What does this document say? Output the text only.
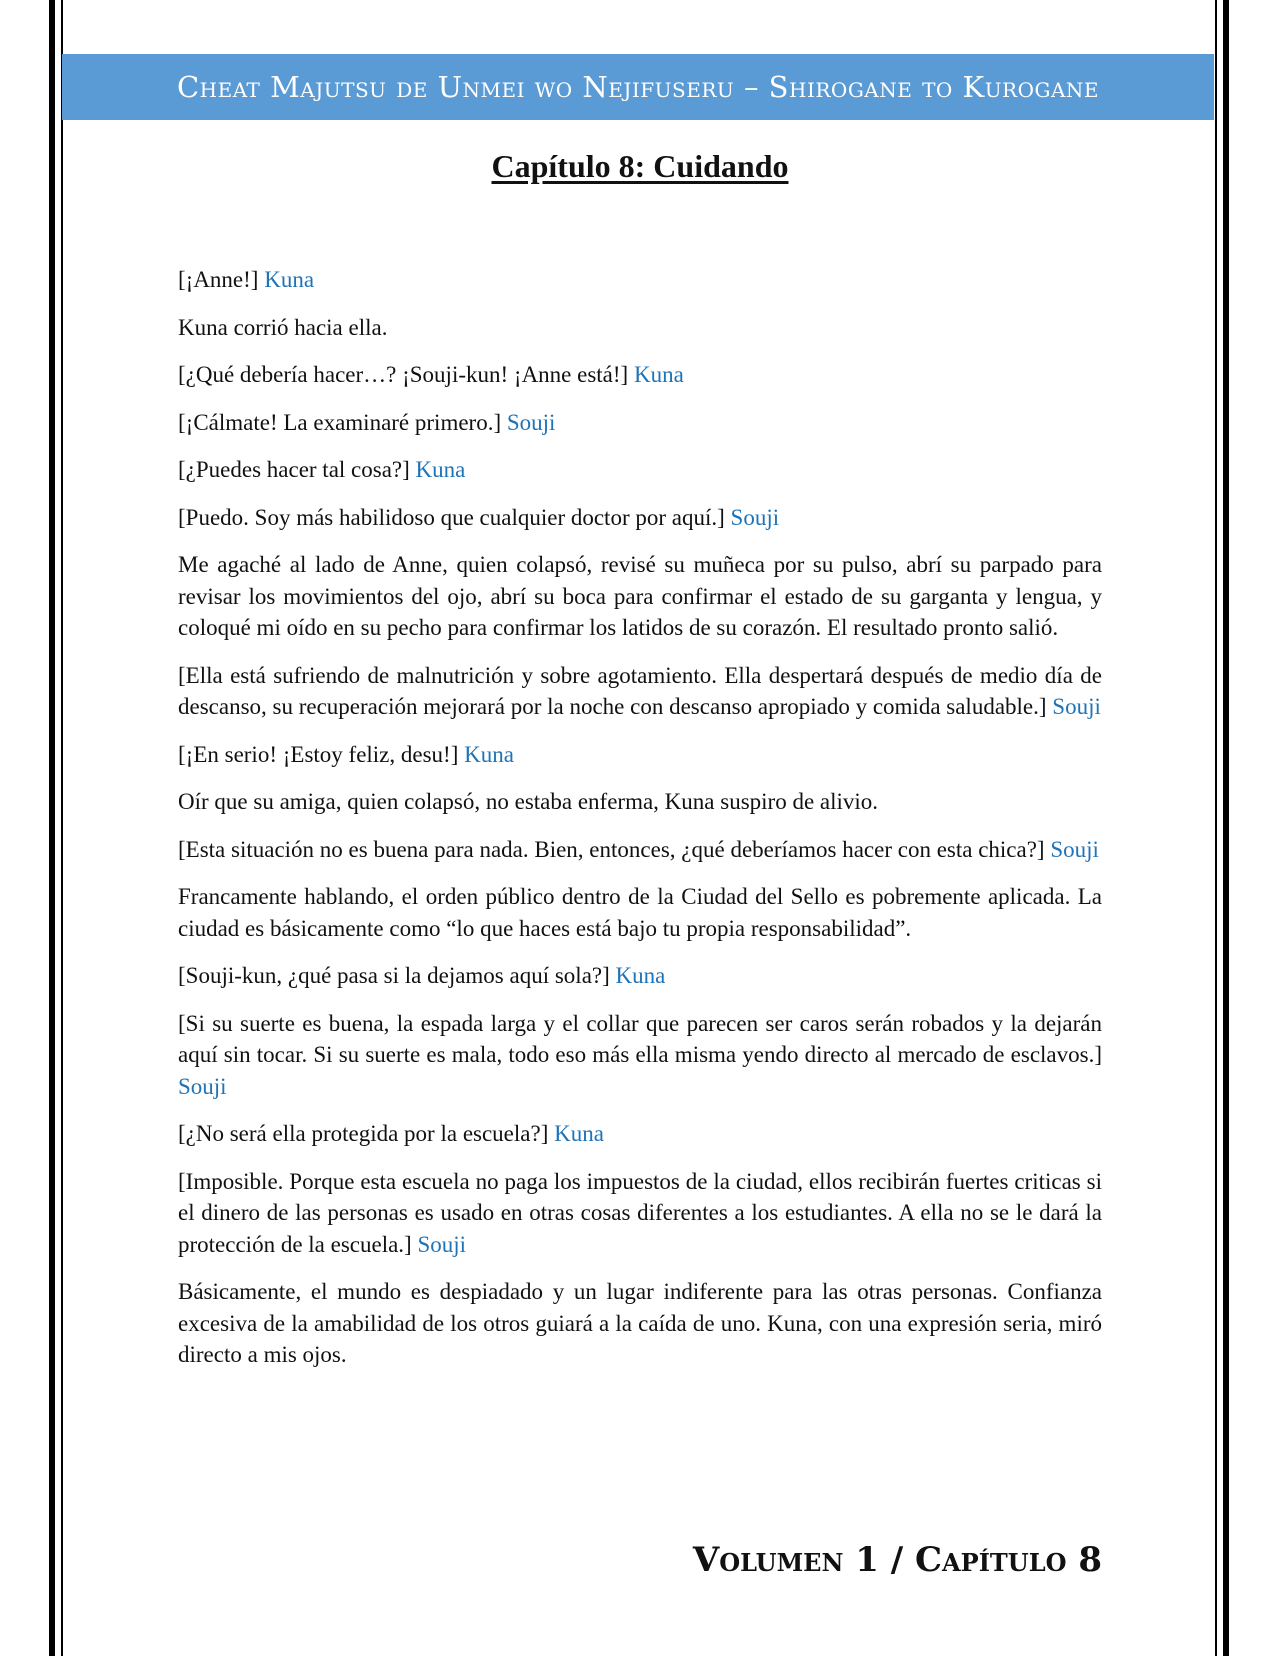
Cheat Majutsu de Unmei wo Nejifuseru – Shirogane to Kurogane
Capítulo 8: Cuidando

[¡Anne!] Kuna

Kuna corrió hacia ella.

[¿Qué debería hacer…? ¡Souji-kun! ¡Anne está!] Kuna

[¡Cálmate! La examinaré primero.] Souji

[¿Puedes hacer tal cosa?] Kuna

[Puedo. Soy más habilidoso que cualquier doctor por aquí.] Souji

Me agaché al lado de Anne, quien colapsó, revisé su muñeca por su pulso, abrí su parpado para revisar los movimientos del ojo, abrí su boca para confirmar el estado de su garganta y lengua, y coloqué mi oído en su pecho para confirmar los latidos de su corazón. El resultado pronto salió.

[Ella está sufriendo de malnutrición y sobre agotamiento. Ella despertará después de medio día de descanso, su recuperación mejorará por la noche con descanso apropiado y comida saludable.] Souji

[¡En serio! ¡Estoy feliz, desu!] Kuna

Oír que su amiga, quien colapsó, no estaba enferma, Kuna suspiro de alivio.

[Esta situación no es buena para nada. Bien, entonces, ¿qué deberíamos hacer con esta chica?] Souji

Francamente hablando, el orden público dentro de la Ciudad del Sello es pobremente aplicada. La ciudad es básicamente como “lo que haces está bajo tu propia responsabilidad”.

[Souji-kun, ¿qué pasa si la dejamos aquí sola?] Kuna

[Si su suerte es buena, la espada larga y el collar que parecen ser caros serán robados y la dejarán aquí sin tocar. Si su suerte es mala, todo eso más ella misma yendo directo al mercado de esclavos.] Souji

[¿No será ella protegida por la escuela?] Kuna

[Imposible. Porque esta escuela no paga los impuestos de la ciudad, ellos recibirán fuertes criticas si el dinero de las personas es usado en otras cosas diferentes a los estudiantes. A ella no se le dará la protección de la escuela.] Souji

Básicamente, el mundo es despiadado y un lugar indiferente para las otras personas. Confianza excesiva de la amabilidad de los otros guiará a la caída de uno. Kuna, con una expresión seria, miró directo a mis ojos.

Volumen 1 / Capítulo 8
